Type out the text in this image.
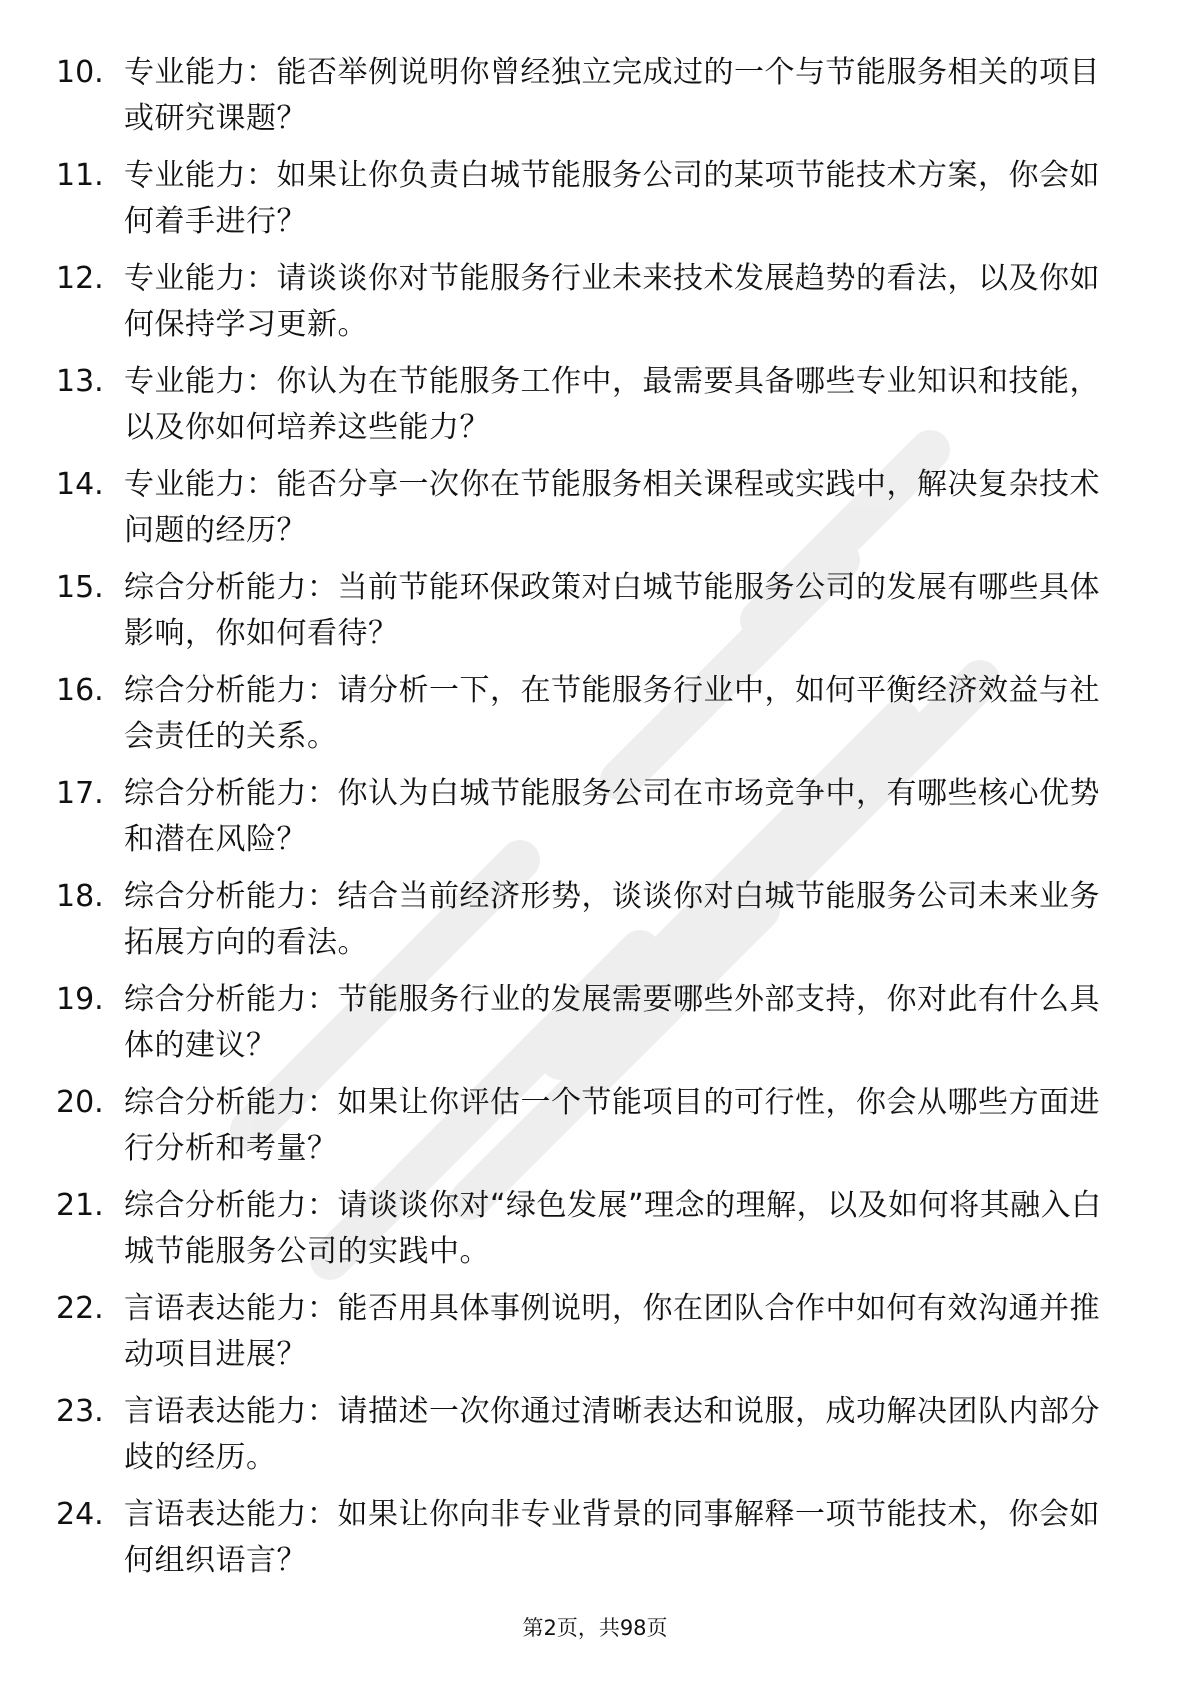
10. 专业能力：能否举例说明你曾经独立完成过的一个与节能服务相关的项目或研究课题？
11. 专业能力：如果让你负责白城节能服务公司的某项节能技术方案，你会如何着手进行？
12. 专业能力：请谈谈你对节能服务行业未来技术发展趋势的看法，以及你如何保持学习更新。
13. 专业能力：你认为在节能服务工作中，最需要具备哪些专业知识和技能，以及你如何培养这些能力？
14. 专业能力：能否分享一次你在节能服务相关课程或实践中，解决复杂技术问题的经历？
15. 综合分析能力：当前节能环保政策对白城节能服务公司的发展有哪些具体影响，你如何看待？
16. 综合分析能力：请分析一下，在节能服务行业中，如何平衡经济效益与社会责任的关系。
17. 综合分析能力：你认为白城节能服务公司在市场竞争中，有哪些核心优势和潜在风险？
18. 综合分析能力：结合当前经济形势，谈谈你对白城节能服务公司未来业务拓展方向的看法。
19. 综合分析能力：节能服务行业的发展需要哪些外部支持，你对此有什么具体的建议？
20. 综合分析能力：如果让你评估一个节能项目的可行性，你会从哪些方面进行分析和考量？
21. 综合分析能力：请谈谈你对“绿色发展”理念的理解，以及如何将其融入白城节能服务公司的实践中。
22. 言语表达能力：能否用具体事例说明，你在团队合作中如何有效沟通并推动项目进展？
23. 言语表达能力：请描述一次你通过清晰表达和说服，成功解决团队内部分歧的经历。
24. 言语表达能力：如果让你向非专业背景的同事解释一项节能技术，你会如何组织语言？
第2页，共98页
